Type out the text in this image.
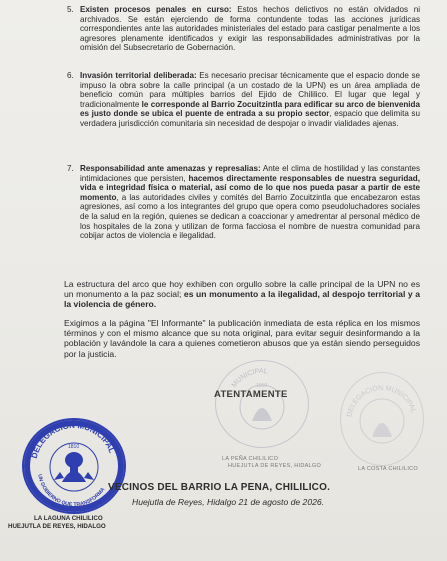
5. Existen procesos penales en curso: Estos hechos delictivos no están olvidados ni archivados. Se están ejerciendo de forma contundente todas las acciones jurídicas correspondientes ante las autoridades ministeriales del estado para castigar penalmente a los agresores plenamente identificados y exigir las responsabilidades administrativas por la omisión del Subsecretario de Gobernación.
6. Invasión territorial deliberada: Es necesario precisar técnicamente que el espacio donde se impuso la obra sobre la calle principal (a un costado de la UPN) es un área ampliada de beneficio común para múltiples barrios del Ejido de Chililico. El lugar que legal y tradicionalmente le corresponde al Barrio Zocuitzintla para edificar su arco de bienvenida es justo donde se ubica el puente de entrada a su propio sector, espacio que delimita su verdadera jurisdicción comunitaria sin necesidad de despojar o invadir vialidades ajenas.
7. Responsabilidad ante amenazas y represalias: Ante el clima de hostilidad y las constantes intimidaciones que persisten, hacemos directamente responsables de nuestra seguridad, vida e integridad física o material, así como de lo que nos pueda pasar a partir de este momento, a las autoridades civiles y comités del Barrio Zocuitzintla que encabezaron estas agresiones, así como a los integrantes del grupo que opera como pseudoluchadores sociales de la salud en la región, quienes se dedican a coaccionar y amedrentar al personal médico de los hospitales de la zona y utilizan de forma facciosa el nombre de nuestra comunidad para cobijar actos de violencia e ilegalidad.
La estructura del arco que hoy exhiben con orgullo sobre la calle principal de la UPN no es un monumento a la paz social; es un monumento a la ilegalidad, al despojo territorial y a la violencia de género.
Exigimos a la página "El Informante" la publicación inmediata de esta réplica en los mismos términos y con el mismo alcance que su nota original, para evitar seguir desinformando a la población y lavándole la cara a quienes cometieron abusos que ya están siendo perseguidos por la justicia.
MUNICIPAL
1810
DELEGACIÓN MUNICIPAL
ATENTAMENTE
LA PEÑA CHILILICO
HUEJUTLA DE REYES, HIDALGO	LA COSTA CHILILICO
DELEGACIÓN MUNICIPAL
UN GOBIERNO QUE TRANSFORMA
1810
VECINOS DEL BARRIO LA PENA, CHILILICO.
Huejutla de Reyes, Hidalgo 21 de agosto de 2026.
LA LAGUNA CHILILICO
HUEJUTLA DE REYES, HIDALGO
